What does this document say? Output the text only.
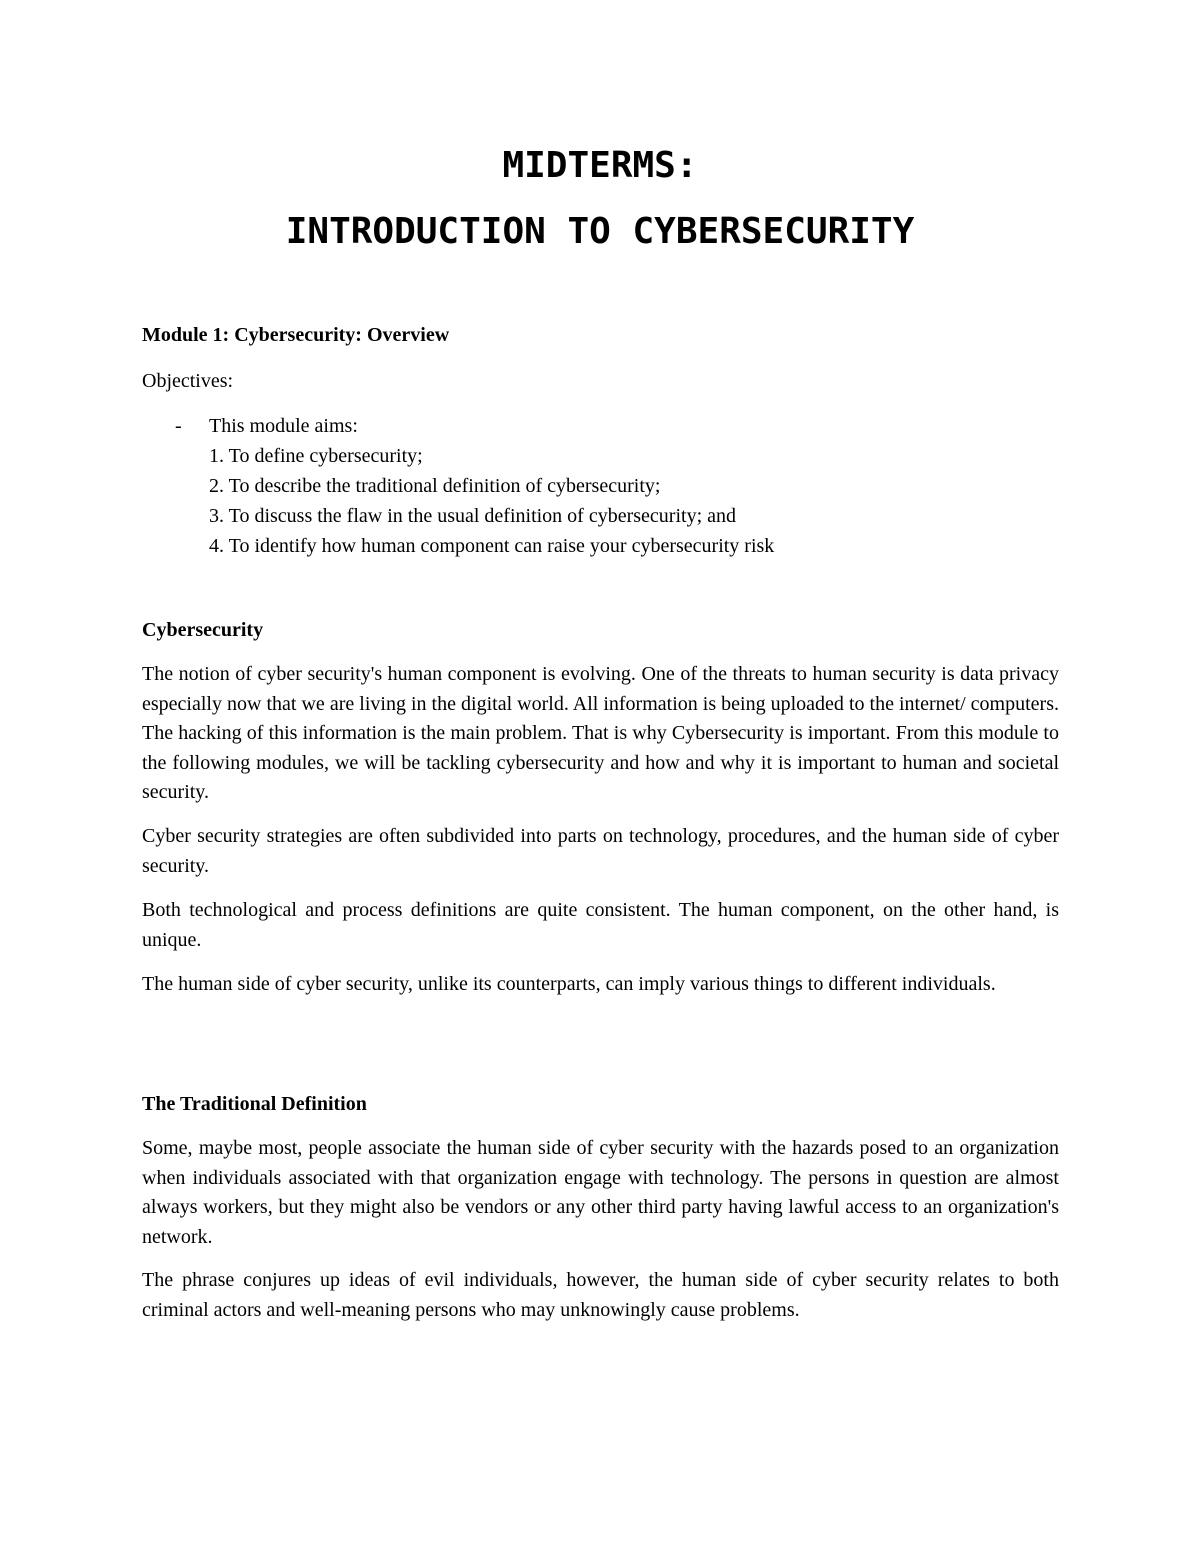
MIDTERMS:
INTRODUCTION TO CYBERSECURITY
Module 1: Cybersecurity: Overview
Objectives:
- This module aims:
1. To define cybersecurity;
2. To describe the traditional definition of cybersecurity;
3. To discuss the flaw in the usual definition of cybersecurity; and
4. To identify how human component can raise your cybersecurity risk
Cybersecurity

The notion of cyber security's human component is evolving. One of the threats to human security is data privacy especially now that we are living in the digital world. All information is being uploaded to the internet/ computers. The hacking of this information is the main problem. That is why Cybersecurity is important. From this module to the following modules, we will be tackling cybersecurity and how and why it is important to human and societal security.

Cyber security strategies are often subdivided into parts on technology, procedures, and the human side of cyber security.

Both technological and process definitions are quite consistent. The human component, on the other hand, is unique.

The human side of cyber security, unlike its counterparts, can imply various things to different individuals.

The Traditional Definition

Some, maybe most, people associate the human side of cyber security with the hazards posed to an organization when individuals associated with that organization engage with technology. The persons in question are almost always workers, but they might also be vendors or any other third party having lawful access to an organization's network.

The phrase conjures up ideas of evil individuals, however, the human side of cyber security relates to both criminal actors and well-meaning persons who may unknowingly cause problems.
